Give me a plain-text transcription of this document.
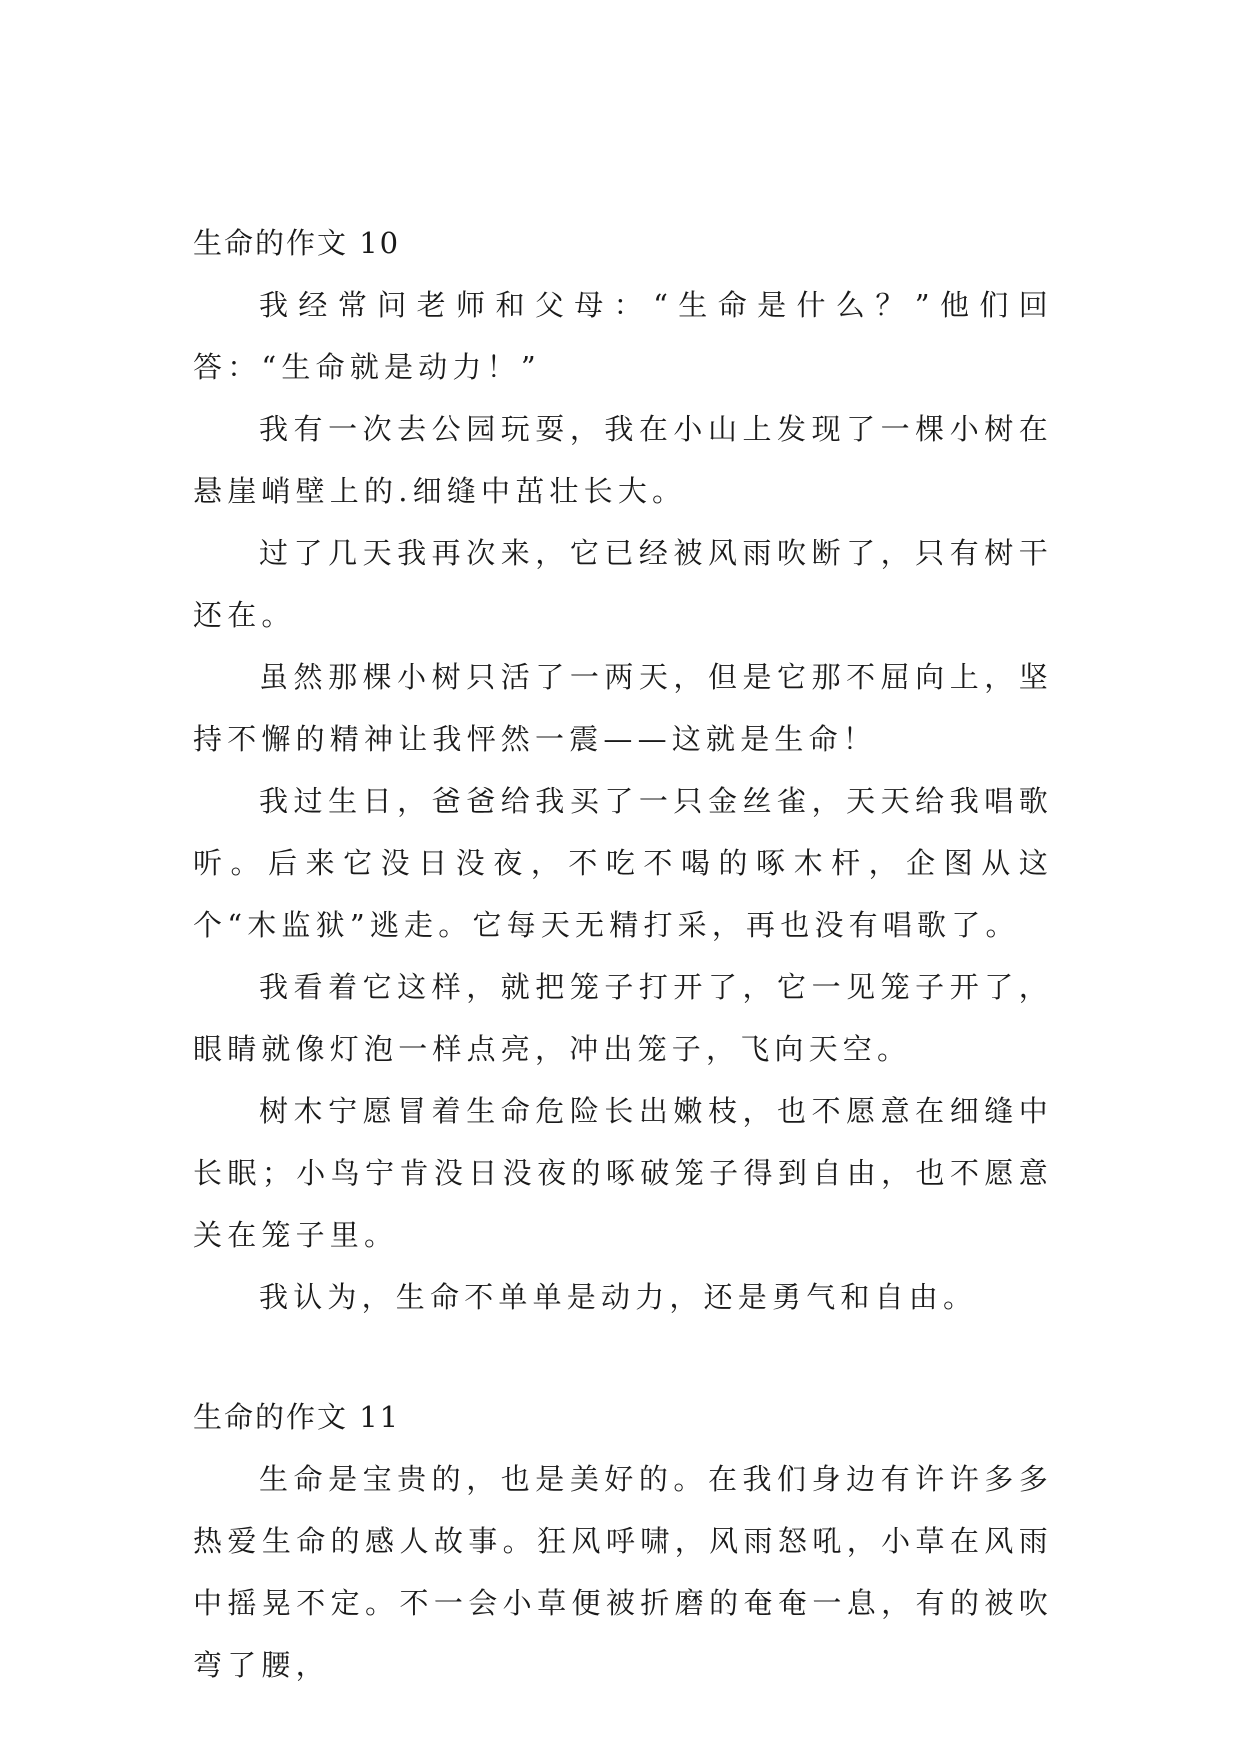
生命的作文 10

我经常问老师和父母：“生命是什么？”他们回答：“生命就是动力！”

我有一次去公园玩耍，我在小山上发现了一棵小树在悬崖峭壁上的.细缝中茁壮长大。

过了几天我再次来，它已经被风雨吹断了，只有树干还在。

虽然那棵小树只活了一两天，但是它那不屈向上，坚持不懈的精神让我怦然一震——这就是生命！

我过生日，爸爸给我买了一只金丝雀，天天给我唱歌听。后来它没日没夜，不吃不喝的啄木杆，企图从这个“木监狱”逃走。它每天无精打采，再也没有唱歌了。

我看着它这样，就把笼子打开了，它一见笼子开了，眼睛就像灯泡一样点亮，冲出笼子，飞向天空。

树木宁愿冒着生命危险长出嫩枝，也不愿意在细缝中长眠；小鸟宁肯没日没夜的啄破笼子得到自由，也不愿意关在笼子里。

我认为，生命不单单是动力，还是勇气和自由。

生命的作文 11

生命是宝贵的，也是美好的。在我们身边有许许多多热爱生命的感人故事。狂风呼啸，风雨怒吼，小草在风雨中摇晃不定。不一会小草便被折磨的奄奄一息，有的被吹弯了腰，
